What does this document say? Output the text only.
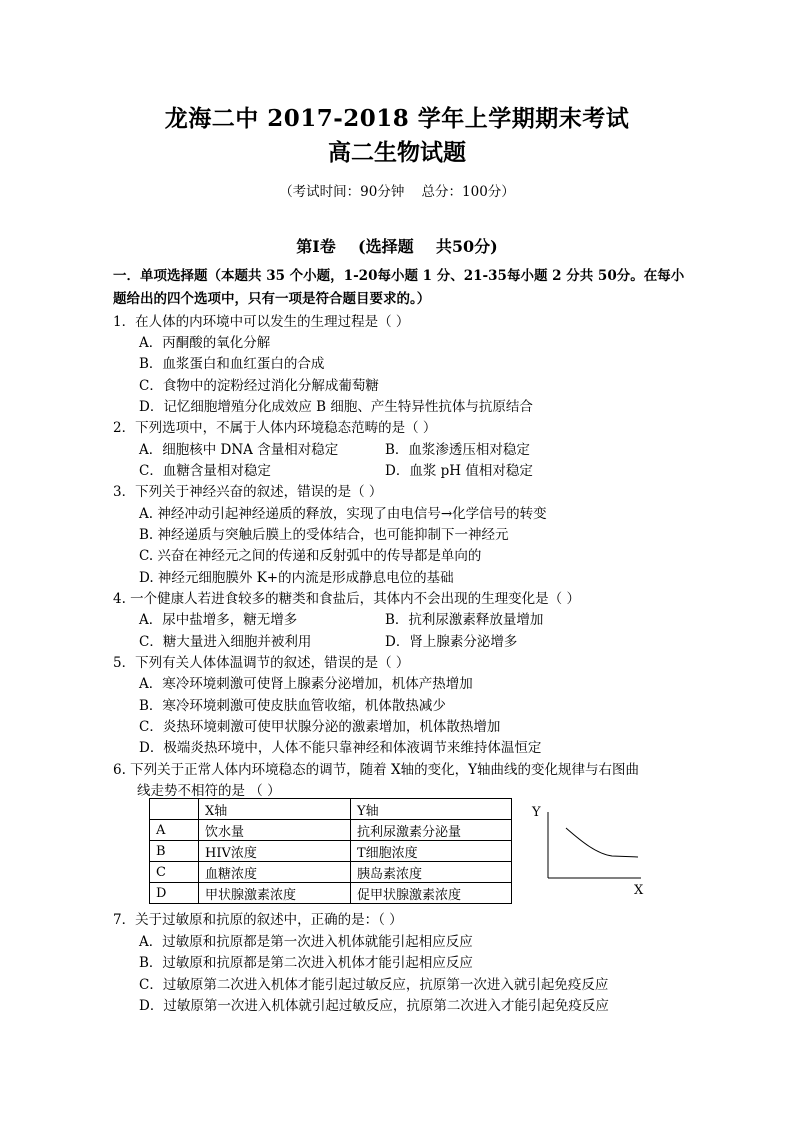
龙海二中 2017-2018 学年上学期期末考试
高二生物试题
（考试时间：90分钟    总分：100分）
第Ⅰ卷    (选择题    共50分)
一．单项选择题（本题共 35 个小题，1-20每小题 1 分、21-35每小题 2 分共 50分。在每小
题给出的四个选项中，只有一项是符合题目要求的。）
1．在人体的内环境中可以发生的生理过程是（ ）
A．丙酮酸的氧化分解
B．血浆蛋白和血红蛋白的合成
C．食物中的淀粉经过消化分解成葡萄糖
D．记忆细胞增殖分化成效应 B 细胞、产生特异性抗体与抗原结合
2．下列选项中，不属于人体内环境稳态范畴的是（ ）
A．细胞核中 DNA 含量相对稳定	B．血浆渗透压相对稳定
C．血糖含量相对稳定	D．血浆 pH 值相对稳定
3．下列关于神经兴奋的叙述，错误的是（ ）
A. 神经冲动引起神经递质的释放，实现了由电信号→化学信号的转变
B. 神经递质与突触后膜上的受体结合，也可能抑制下一神经元
C. 兴奋在神经元之间的传递和反射弧中的传导都是单向的
D. 神经元细胞膜外 K+的内流是形成静息电位的基础
4. 一个健康人若进食较多的糖类和食盐后，其体内不会出现的生理变化是（ ）
A．尿中盐增多，糖无增多	B．抗利尿激素释放量增加
C．糖大量进入细胞并被利用	D．肾上腺素分泌增多
5．下列有关人体体温调节的叙述，错误的是（ ）
A．寒冷环境刺激可使肾上腺素分泌增加，机体产热增加
B．寒冷环境刺激可使皮肤血管收缩，机体散热减少
C．炎热环境刺激可使甲状腺分泌的激素增加，机体散热增加
D．极端炎热环境中，人体不能只靠神经和体液调节来维持体温恒定
6. 下列关于正常人体内环境稳态的调节，随着 X轴的变化，Y轴曲线的变化规律与右图曲
线走势不相符的是 （ ）
	X轴	Y轴
A	饮水量	抗利尿激素分泌量
B	HIV浓度	T细胞浓度
C	血糖浓度	胰岛素浓度
D	甲状腺激素浓度	促甲状腺激素浓度
Y
X
7．关于过敏原和抗原的叙述中，正确的是：（ ）
A．过敏原和抗原都是第一次进入机体就能引起相应反应
B．过敏原和抗原都是第二次进入机体才能引起相应反应
C．过敏原第二次进入机体才能引起过敏反应，抗原第一次进入就引起免疫反应
D．过敏原第一次进入机体就引起过敏反应，抗原第二次进入才能引起免疫反应
